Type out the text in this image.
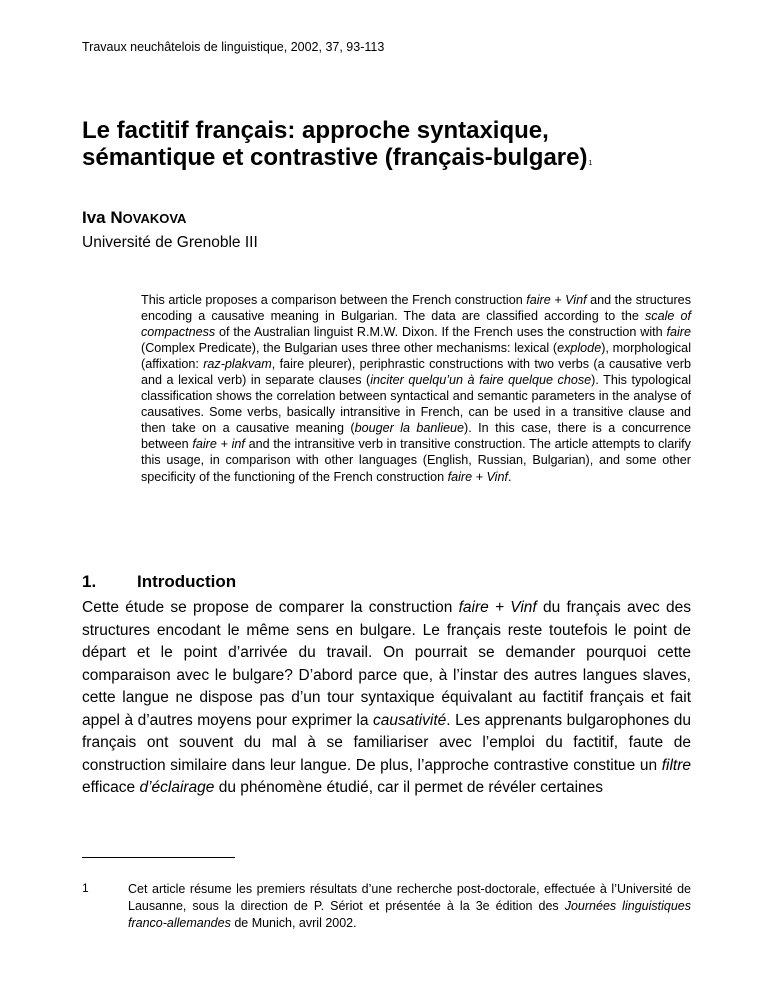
Travaux neuchâtelois de linguistique, 2002, 37, 93-113
Le factitif français: approche syntaxique,
sémantique et contrastive (français-bulgare)1
Iva NOVAKOVA
Université de Grenoble III

This article proposes a comparison between the French construction faire + Vinf and the structures encoding a causative meaning in Bulgarian. The data are classified according to the scale of compactness of the Australian linguist R.M.W. Dixon. If the French uses the construction with faire (Complex Predicate), the Bulgarian uses three other mechanisms: lexical (explode), morphological (affixation: raz-plakvam, faire pleurer), periphrastic constructions with two verbs (a causative verb and a lexical verb) in separate clauses (inciter quelqu’un à faire quelque chose). This typological classification shows the correlation between syntactical and semantic parameters in the analyse of causatives. Some verbs, basically intransitive in French, can be used in a transitive clause and then take on a causative meaning (bouger la banlieue). In this case, there is a concurrence between faire + inf and the intransitive verb in transitive construction. The article attempts to clarify this usage, in comparison with other languages (English, Russian, Bulgarian), and some other specificity of the functioning of the French construction faire + Vinf.

1. Introduction

Cette étude se propose de comparer la construction faire + Vinf du français avec des structures encodant le même sens en bulgare. Le français reste toutefois le point de départ et le point d’arrivée du travail. On pourrait se demander pourquoi cette comparaison avec le bulgare? D’abord parce que, à l’instar des autres langues slaves, cette langue ne dispose pas d’un tour syntaxique équivalant au factitif français et fait appel à d’autres moyens pour exprimer la causativité. Les apprenants bulgarophones du français ont souvent du mal à se familiariser avec l’emploi du factitif, faute de construction similaire dans leur langue. De plus, l’approche contrastive constitue un filtre efficace d’éclairage du phénomène étudié, car il permet de révéler certaines

1	Cet article résume les premiers résultats d’une recherche post-doctorale, effectuée à l’Université de Lausanne, sous la direction de P. Sériot et présentée à la 3e édition des Journées linguistiques franco-allemandes de Munich, avril 2002.
